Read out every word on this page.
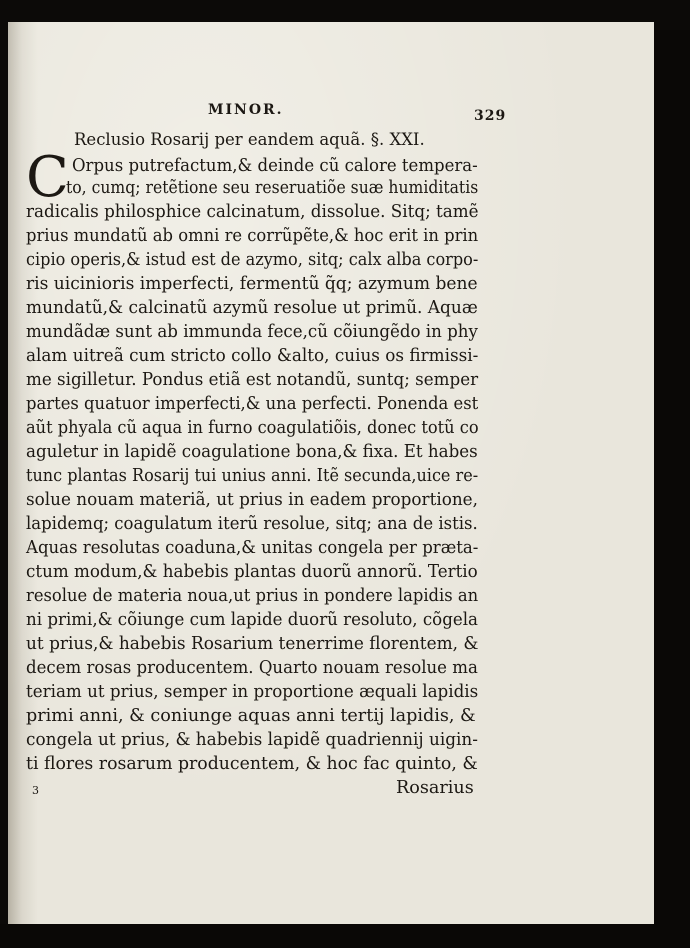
MINOR.	329
Reclusio Rosarij per eandem aquã. §. XXI.
C Orpus putrefactum,& deinde cũ calore tempera-
to, cumq; retẽtione seu reseruatiõe suæ humiditatis
radicalis philosphice calcinatum, dissolue. Sitq; tamẽ
prius mundatũ ab omni re corrũpẽte,& hoc erit in prin
cipio operis,& istud est de azymo, sitq; calx alba corpo-
ris uicinioris imperfecti, fermentũ q̃q; azymum bene
mundatũ,& calcinatũ azymũ resolue ut primũ. Aquæ
mundãdæ sunt ab immunda fece,cũ cõiungẽdo in phy
alam uitreã cum stricto collo &alto, cuius os firmissi-
me sigilletur. Pondus etiã est notandũ, suntq; semper
partes quatuor imperfecti,& una perfecti. Ponenda est
aũt phyala cũ aqua in furno coagulatiõis, donec totũ co
aguletur in lapidẽ coagulatione bona,& fixa. Et habes
tunc plantas Rosarij tui unius anni. Itẽ secunda,uice re-
solue nouam materiã, ut prius in eadem proportione,
lapidemq; coagulatum iterũ resolue, sitq; ana de istis.
Aquas resolutas coaduna,& unitas congela per præta-
ctum modum,& habebis plantas duorũ annorũ. Tertio
resolue de materia noua,ut prius in pondere lapidis an
ni primi,& cõiunge cum lapide duorũ resoluto, cõgela
ut prius,& habebis Rosarium tenerrime florentem, &
decem rosas producentem. Quarto nouam resolue ma
teriam ut prius, semper in proportione æquali lapidis
primi anni, & coniunge aquas anni tertij lapidis, &
congela ut prius, & habebis lapidẽ quadriennij uigin-
ti flores rosarum producentem, & hoc fac quinto, &
Rosarius
3
